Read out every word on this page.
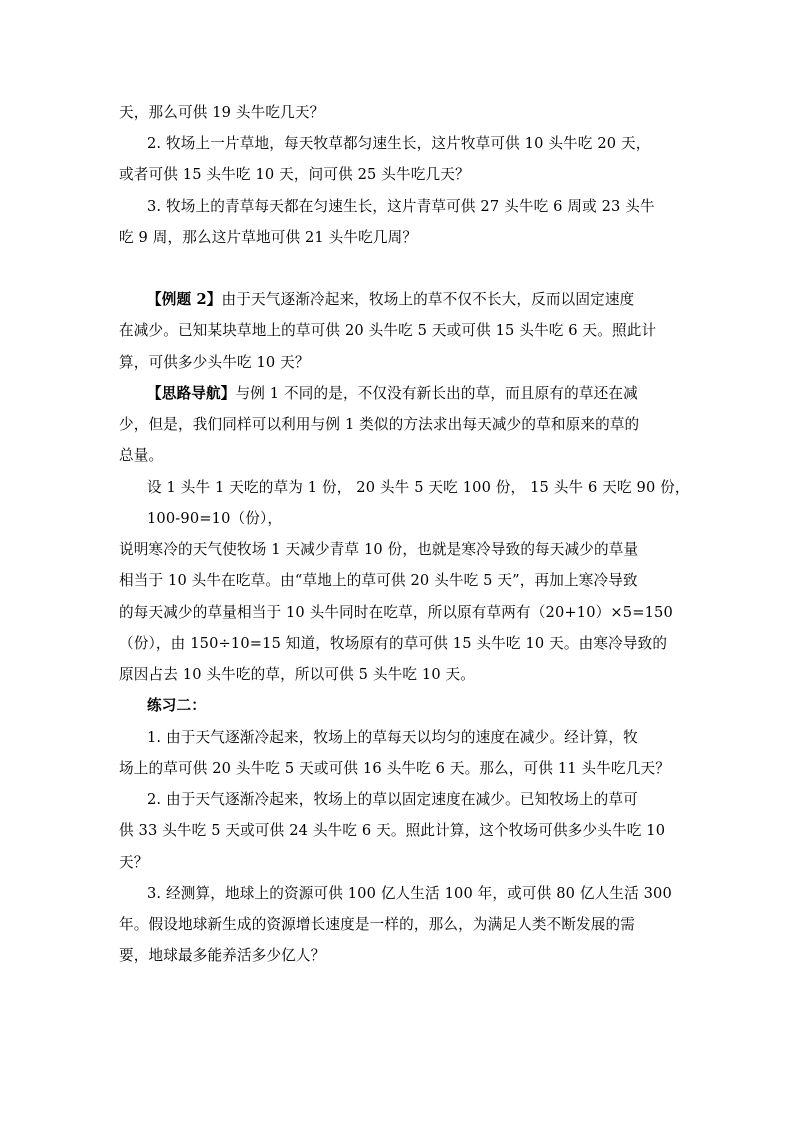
天，那么可供 19 头牛吃几天？
2. 牧场上一片草地，每天牧草都匀速生长，这片牧草可供 10 头牛吃 20 天，
或者可供 15 头牛吃 10 天，问可供 25 头牛吃几天？
3. 牧场上的青草每天都在匀速生长，这片青草可供 27 头牛吃 6 周或 23 头牛
吃 9 周，那么这片草地可供 21 头牛吃几周？
【例题 2】由于天气逐渐冷起来，牧场上的草不仅不长大，反而以固定速度
在减少。已知某块草地上的草可供 20 头牛吃 5 天或可供 15 头牛吃 6 天。照此计
算，可供多少头牛吃 10 天？
【思路导航】与例 1 不同的是，不仅没有新长出的草，而且原有的草还在减
少，但是，我们同样可以利用与例 1 类似的方法求出每天减少的草和原来的草的
总量。
设 1 头牛 1 天吃的草为 1 份， 20 头牛 5 天吃 100 份， 15 头牛 6 天吃 90 份，
100-90=10（份），
说明寒冷的天气使牧场 1 天减少青草 10 份，也就是寒冷导致的每天减少的草量
相当于 10 头牛在吃草。由“草地上的草可供 20 头牛吃 5 天”，再加上寒冷导致
的每天减少的草量相当于 10 头牛同时在吃草，所以原有草两有（20+10）×5=150
（份），由 150÷10=15 知道，牧场原有的草可供 15 头牛吃 10 天。由寒冷导致的
原因占去 10 头牛吃的草，所以可供 5 头牛吃 10 天。
练习二：
1. 由于天气逐渐冷起来，牧场上的草每天以均匀的速度在减少。经计算，牧
场上的草可供 20 头牛吃 5 天或可供 16 头牛吃 6 天。那么，可供 11 头牛吃几天？
2. 由于天气逐渐冷起来，牧场上的草以固定速度在减少。已知牧场上的草可
供 33 头牛吃 5 天或可供 24 头牛吃 6 天。照此计算，这个牧场可供多少头牛吃 10
天？
3. 经测算，地球上的资源可供 100 亿人生活 100 年，或可供 80 亿人生活 300
年。假设地球新生成的资源增长速度是一样的，那么，为满足人类不断发展的需
要，地球最多能养活多少亿人？
